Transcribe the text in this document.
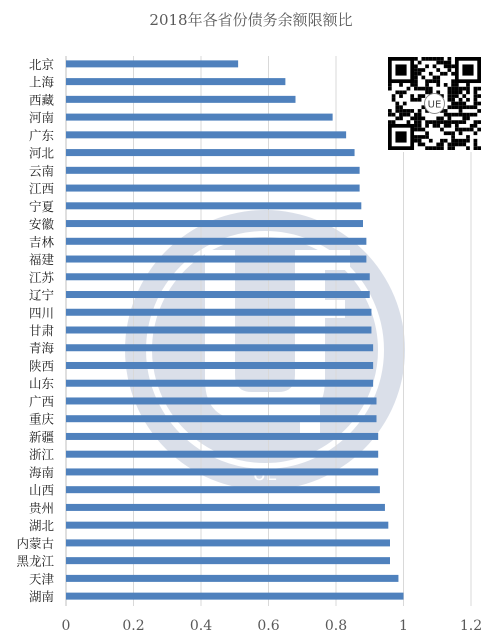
2018年各省份债务余额限额比
北京
上海
西藏
河南
广东
河北
云南
江西
宁夏
安徽
吉林
福建
江苏
辽宁
四川
甘肃
青海
陕西
山东
广西
重庆
新疆
浙江
海南
山西
贵州
湖北
内蒙古
黑龙江
天津
湖南
0	0.2	0.4	0.6	0.8	1	1.2
UE
